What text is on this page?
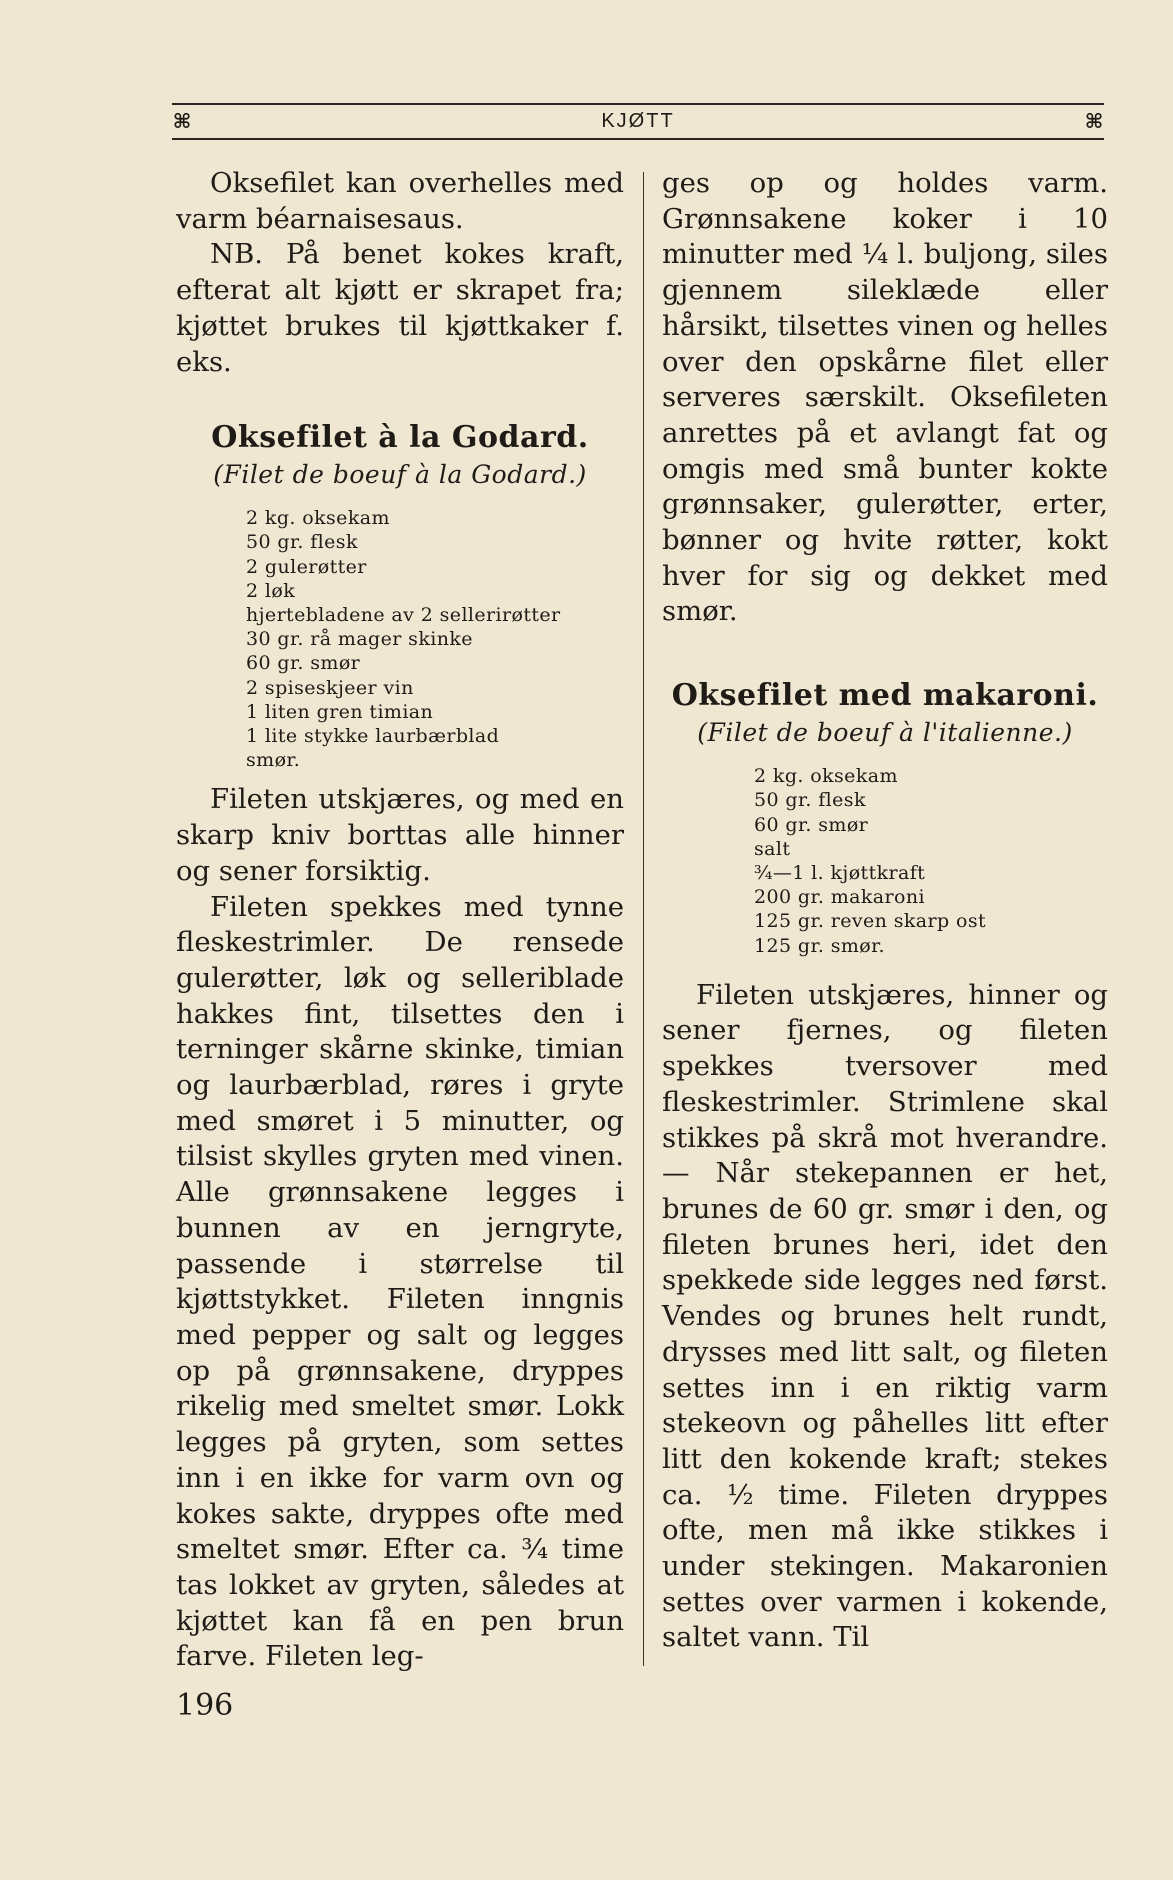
⌘	KJØTT	⌘

Oksefilet kan overhelles med varm béarnaisesaus.

NB. På benet kokes kraft, efterat alt kjøtt er skrapet fra; kjøttet brukes til kjøttkaker f. eks.

Oksefilet à la Godard.
(Filet de boeuf à la Godard.)
2 kg. oksekam
50 gr. flesk
2 gulerøtter
2 løk
hjertebladene av 2 sellerirøtter
30 gr. rå mager skinke
60 gr. smør
2 spiseskjeer vin
1 liten gren timian
1 lite stykke laurbærblad
smør.

Fileten utskjæres, og med en skarp kniv borttas alle hinner og sener forsiktig.

Fileten spekkes med tynne fleskestrimler. De rensede gulerøtter, løk og selleriblade hakkes fint, tilsettes den i terninger skårne skinke, timian og laurbærblad, røres i gryte med smøret i 5 minutter, og tilsist skylles gryten med vinen. Alle grønnsakene legges i bunnen av en jerngryte, passende i størrelse til kjøttstykket. Fileten inngnis med pepper og salt og legges op på grønnsakene, dryppes rikelig med smeltet smør. Lokk legges på gryten, som settes inn i en ikke for varm ovn og kokes sakte, dryppes ofte med smeltet smør. Efter ca. ¾ time tas lokket av gryten, således at kjøttet kan få en pen brun farve. Fileten leg-

ges op og holdes varm. Grønnsakene koker i 10 minutter med ¼ l. buljong, siles gjennem sileklæde eller hårsikt, tilsettes vinen og helles over den opskårne filet eller serveres særskilt. Oksefileten anrettes på et avlangt fat og omgis med små bunter kokte grønnsaker, gulerøtter, erter, bønner og hvite røtter, kokt hver for sig og dekket med smør.

Oksefilet med makaroni.
(Filet de boeuf à l'italienne.)
2 kg. oksekam
50 gr. flesk
60 gr. smør
salt
¾—1 l. kjøttkraft
200 gr. makaroni
125 gr. reven skarp ost
125 gr. smør.

Fileten utskjæres, hinner og sener fjernes, og fileten spekkes tversover med fleskestrimler. Strimlene skal stikkes på skrå mot hverandre.— Når stekepannen er het, brunes de 60 gr. smør i den, og fileten brunes heri, idet den spekkede side legges ned først. Vendes og brunes helt rundt, drysses med litt salt, og fileten settes inn i en riktig varm stekeovn og påhelles litt efter litt den kokende kraft; stekes ca. ½ time. Fileten dryppes ofte, men må ikke stikkes i under stekingen. Makaronien settes over varmen i kokende, saltet vann. Til

196
